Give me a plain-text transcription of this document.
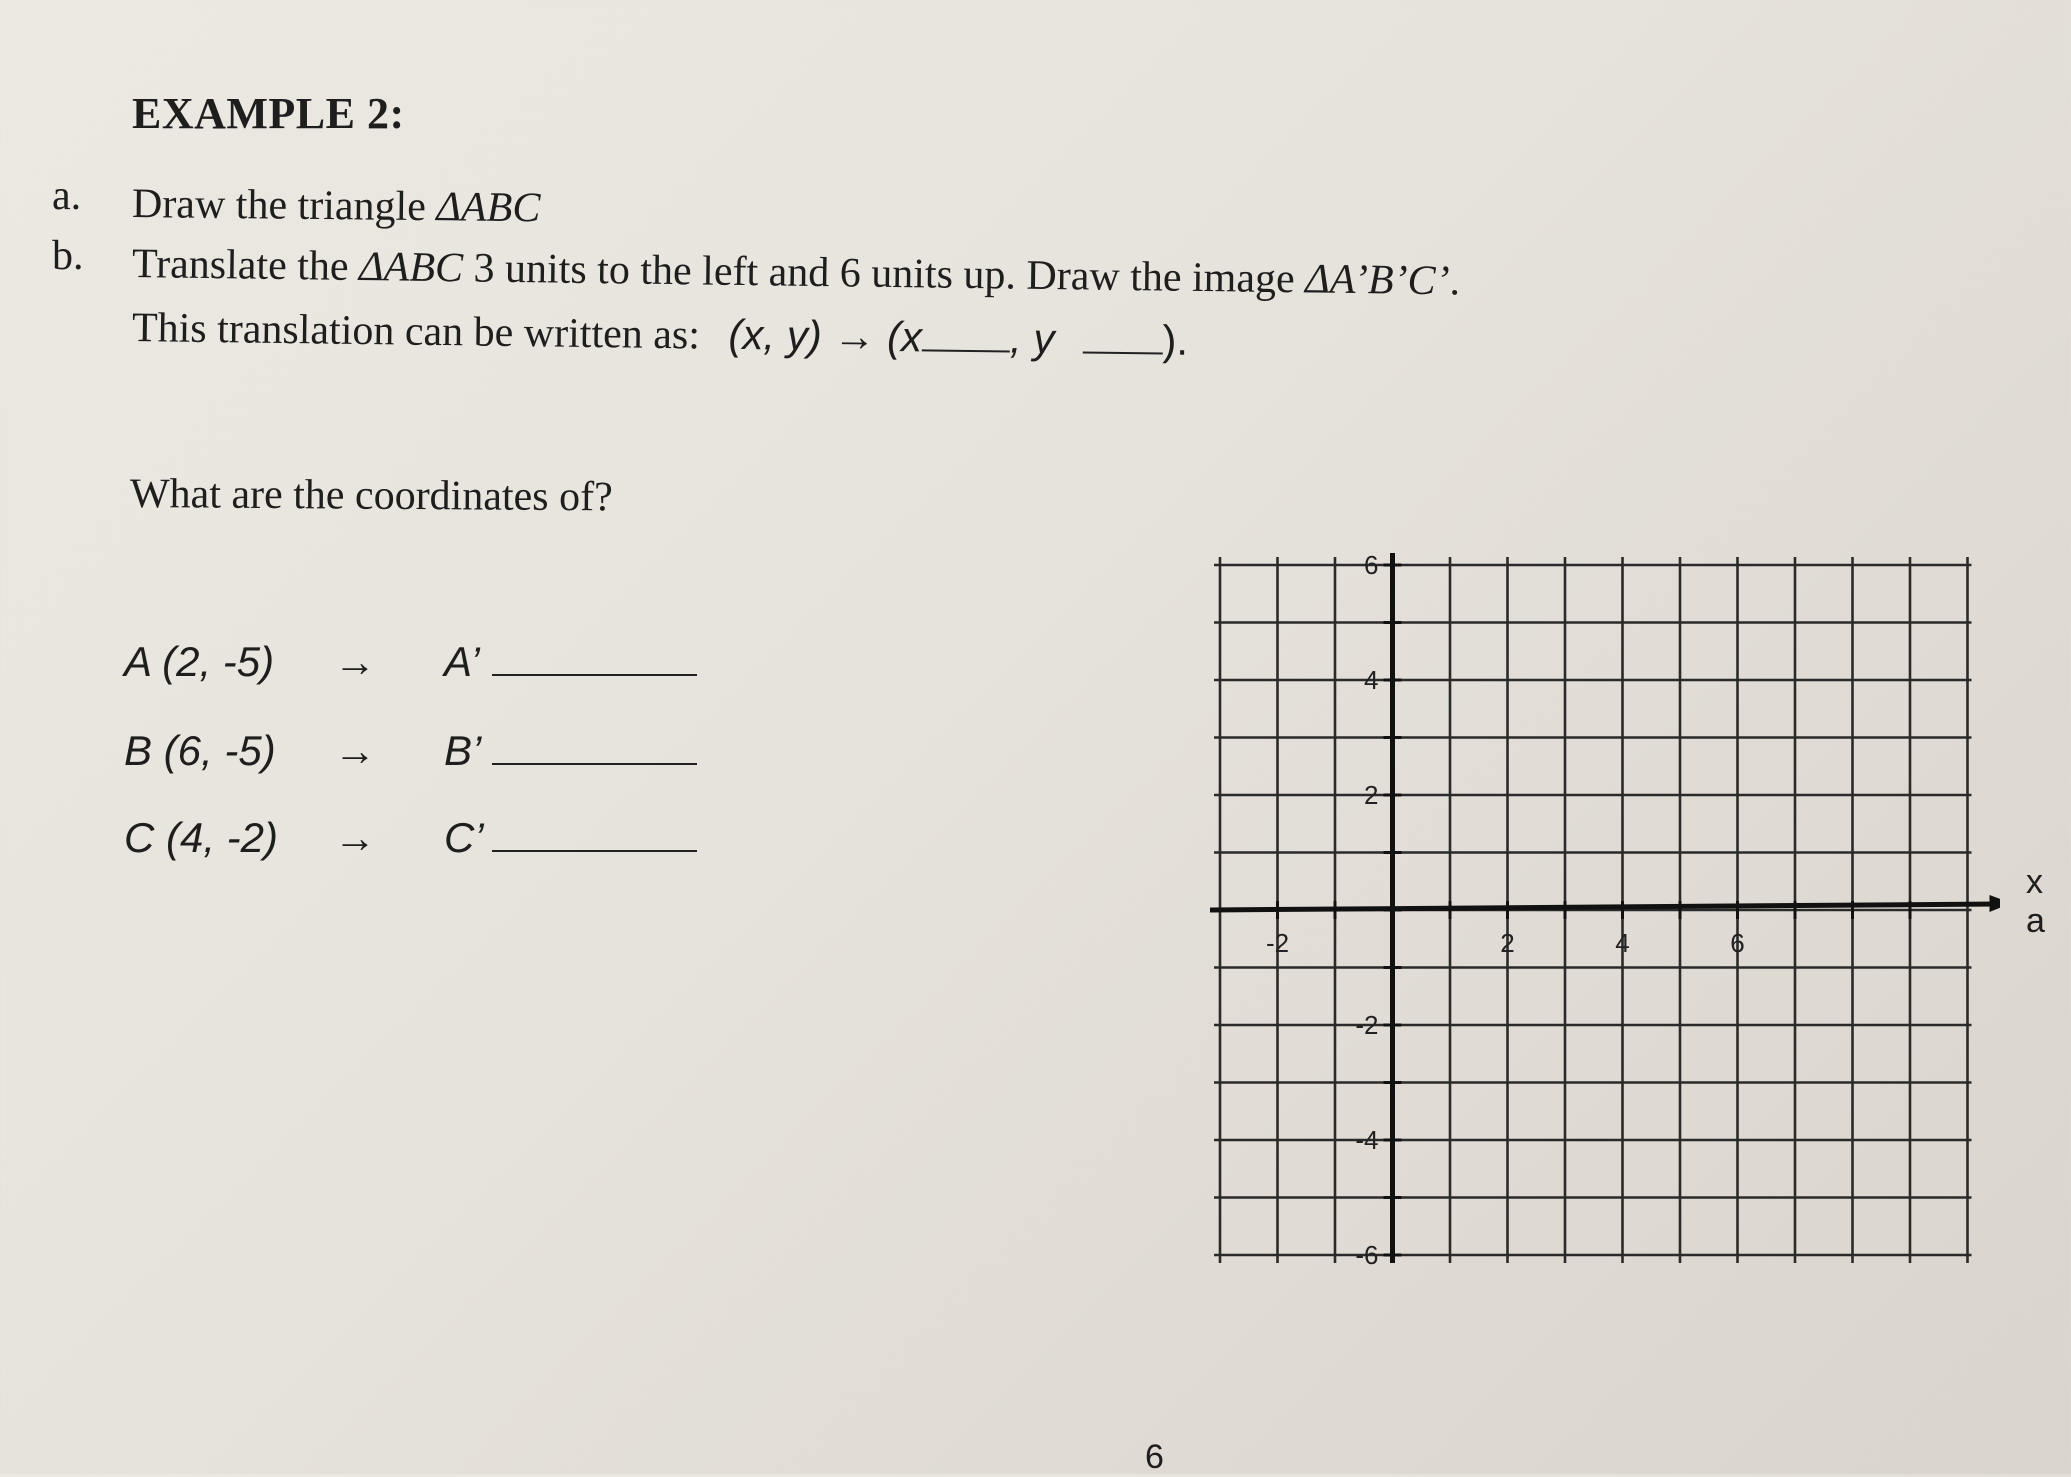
EXAMPLE 2:
a. Draw the triangle ΔABC
b. Translate the ΔABC 3 units to the left and 6 units up. Draw the image ΔA’B’C’.
This translation can be written as: (x, y) → (x , y	).
What are the coordinates of?
A (2, -5) → A’
B (6, -5) → B’
C (4, -2) → C’
-2	2	4	6
6
4
2
-2
-4
-6
x a
6
